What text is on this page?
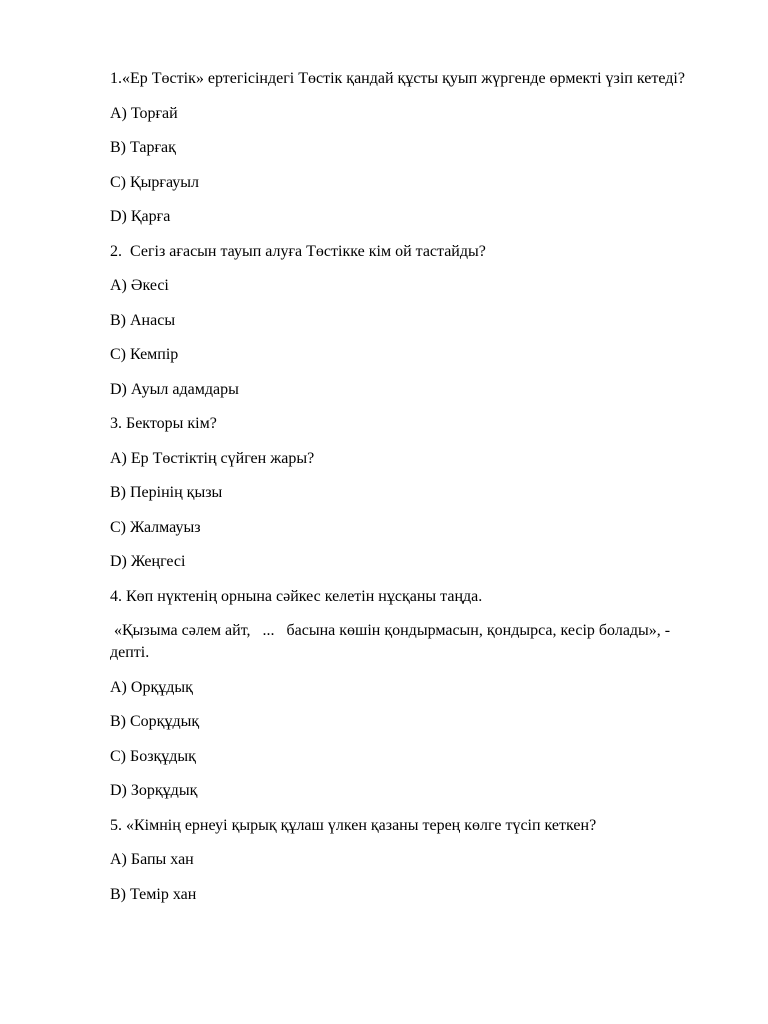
1.«Ер Төстік» ертегісіндегі Төстік қандай құсты қуып жүргенде өрмекті үзіп кетеді?

A) Торғай

B) Тарғақ

C) Қырғауыл

D) Қарға

2.  Сегіз ағасын тауып алуға Төстікке кім ой тастайды?

A) Әкесі

B) Анасы

C) Кемпір

D) Ауыл адамдары

3. Бекторы кім?

A) Ер Төстіктің сүйген жары?

B) Перінің қызы

C) Жалмауыз

D) Жеңгесі

4. Көп нүктенің орнына сәйкес келетін нұсқаны таңда.

«Қызыма сәлем айт,   ...   басына көшін қондырмасын, қондырса, кесір болады», - депті.

A) Орқұдық

B) Сорқұдық

C) Бозқұдық

D) Зорқұдық

5. «Кімнің ернеуі қырық құлаш үлкен қазаны терең көлге түсіп кеткен?

A) Бапы хан

B) Темір хан
